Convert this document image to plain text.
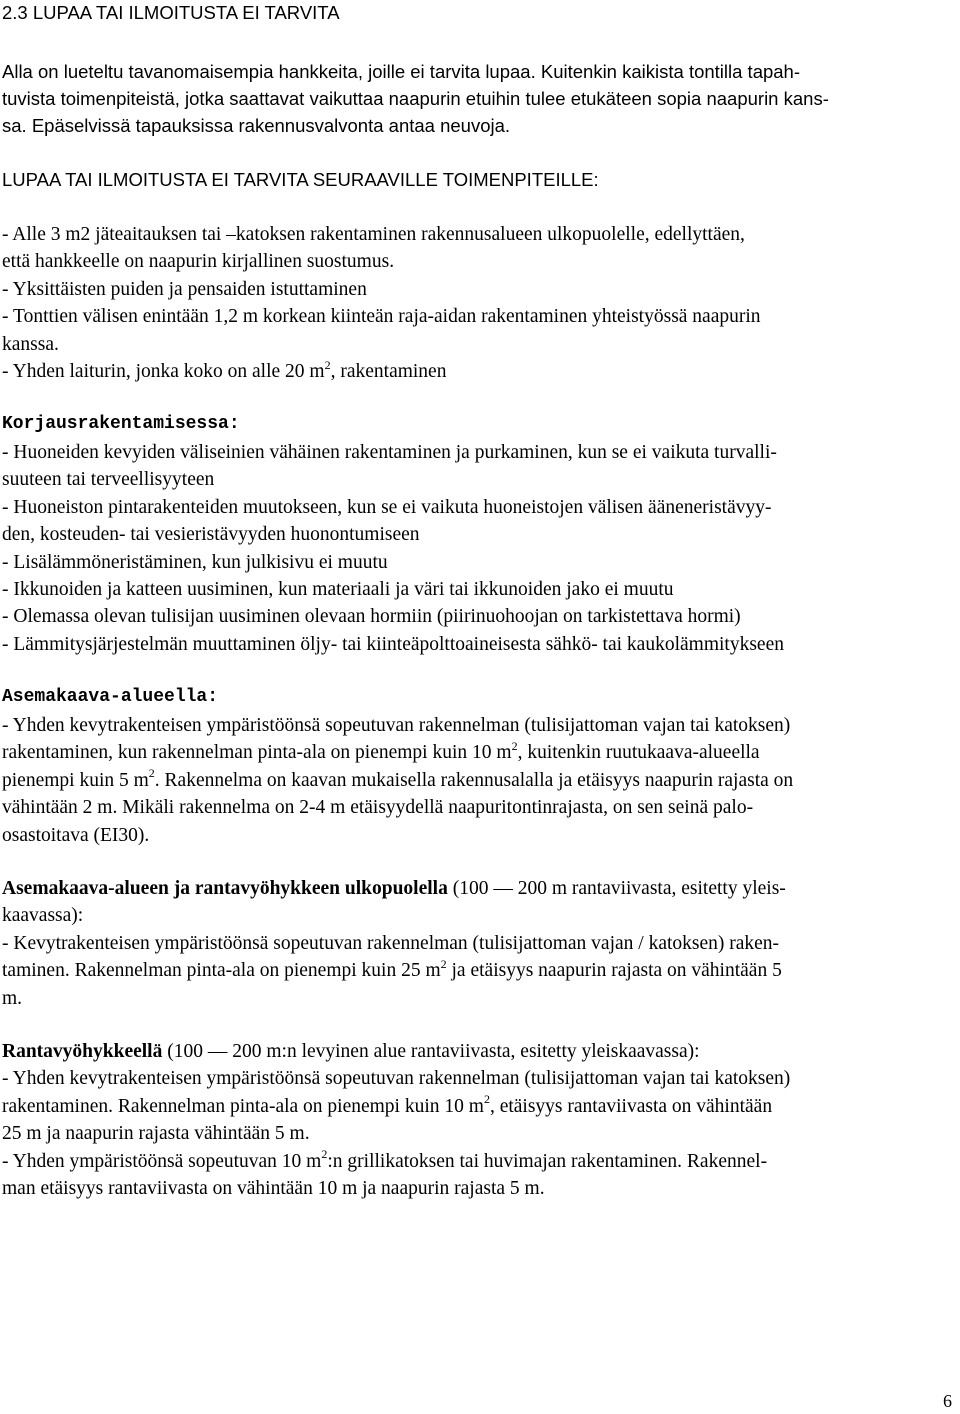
2.3 LUPAA TAI ILMOITUSTA EI TARVITA

Alla on lueteltu tavanomaisempia hankkeita, joille ei tarvita lupaa. Kuitenkin kaikista tontilla tapah-
tuvista toimenpiteistä, jotka saattavat vaikuttaa naapurin etuihin tulee etukäteen sopia naapurin kans-
sa. Epäselvissä tapauksissa rakennusvalvonta antaa neuvoja.

LUPAA TAI ILMOITUSTA EI TARVITA SEURAAVILLE TOIMENPITEILLE:

- Alle 3 m2 jäteaitauksen tai –katoksen rakentaminen rakennusalueen ulkopuolelle, edellyttäen,
että hankkeelle on naapurin kirjallinen suostumus.
- Yksittäisten puiden ja pensaiden istuttaminen
- Tonttien välisen enintään 1,2 m korkean kiinteän raja-aidan rakentaminen yhteistyössä naapurin
kanssa.
- Yhden laiturin, jonka koko on alle 20 $m^2$, rakentaminen
Korjausrakentamisessa:
- Huoneiden kevyiden väliseinien vähäinen rakentaminen ja purkaminen, kun se ei vaikuta turvalli-
suuteen tai terveellisyyteen
- Huoneiston pintarakenteiden muutokseen, kun se ei vaikuta huoneistojen välisen ääneneristävyy-
den, kosteuden- tai vesieristävyyden huonontumiseen
- Lisälämmöneristäminen, kun julkisivu ei muutu
- Ikkunoiden ja katteen uusiminen, kun materiaali ja väri tai ikkunoiden jako ei muutu
- Olemassa olevan tulisijan uusiminen olevaan hormiin (piirinuohoojan on tarkistettava hormi)
- Lämmitysjärjestelmän muuttaminen öljy- tai kiinteäpolttoaineisesta sähkö- tai kaukolämmitykseen
Asemakaava-alueella:
- Yhden kevytrakenteisen ympäristöönsä sopeutuvan rakennelman (tulisijattoman vajan tai katoksen)
rakentaminen, kun rakennelman pinta-ala on pienempi kuin 10 $m^2$, kuitenkin ruutukaava-alueella
pienempi kuin 5 $m^2$. Rakennelma on kaavan mukaisella rakennusalalla ja etäisyys naapurin rajasta on
vähintään 2 m. Mikäli rakennelma on 2-4 m etäisyydellä naapuritontinrajasta, on sen seinä palo-
osastoitava (EI30).
Asemakaava-alueen ja rantavyöhykkeen ulkopuolella (100 — 200 m rantaviivasta, esitetty yleis-
kaavassa):
- Kevytrakenteisen ympäristöönsä sopeutuvan rakennelman (tulisijattoman vajan / katoksen) raken-
taminen. Rakennelman pinta-ala on pienempi kuin 25 $m^2$ ja etäisyys naapurin rajasta on vähintään 5
m.
Rantavyöhykkeellä (100 — 200 m:n levyinen alue rantaviivasta, esitetty yleiskaavassa):
- Yhden kevytrakenteisen ympäristöönsä sopeutuvan rakennelman (tulisijattoman vajan tai katoksen)
rakentaminen. Rakennelman pinta-ala on pienempi kuin 10 $m^2$, etäisyys rantaviivasta on vähintään
25 m ja naapurin rajasta vähintään 5 m.
- Yhden ympäristöönsä sopeutuvan 10 $m^2:n$ grillikatoksen tai huvimajan rakentaminen. Rakennel-
man etäisyys rantaviivasta on vähintään 10 m ja naapurin rajasta 5 m.
6
